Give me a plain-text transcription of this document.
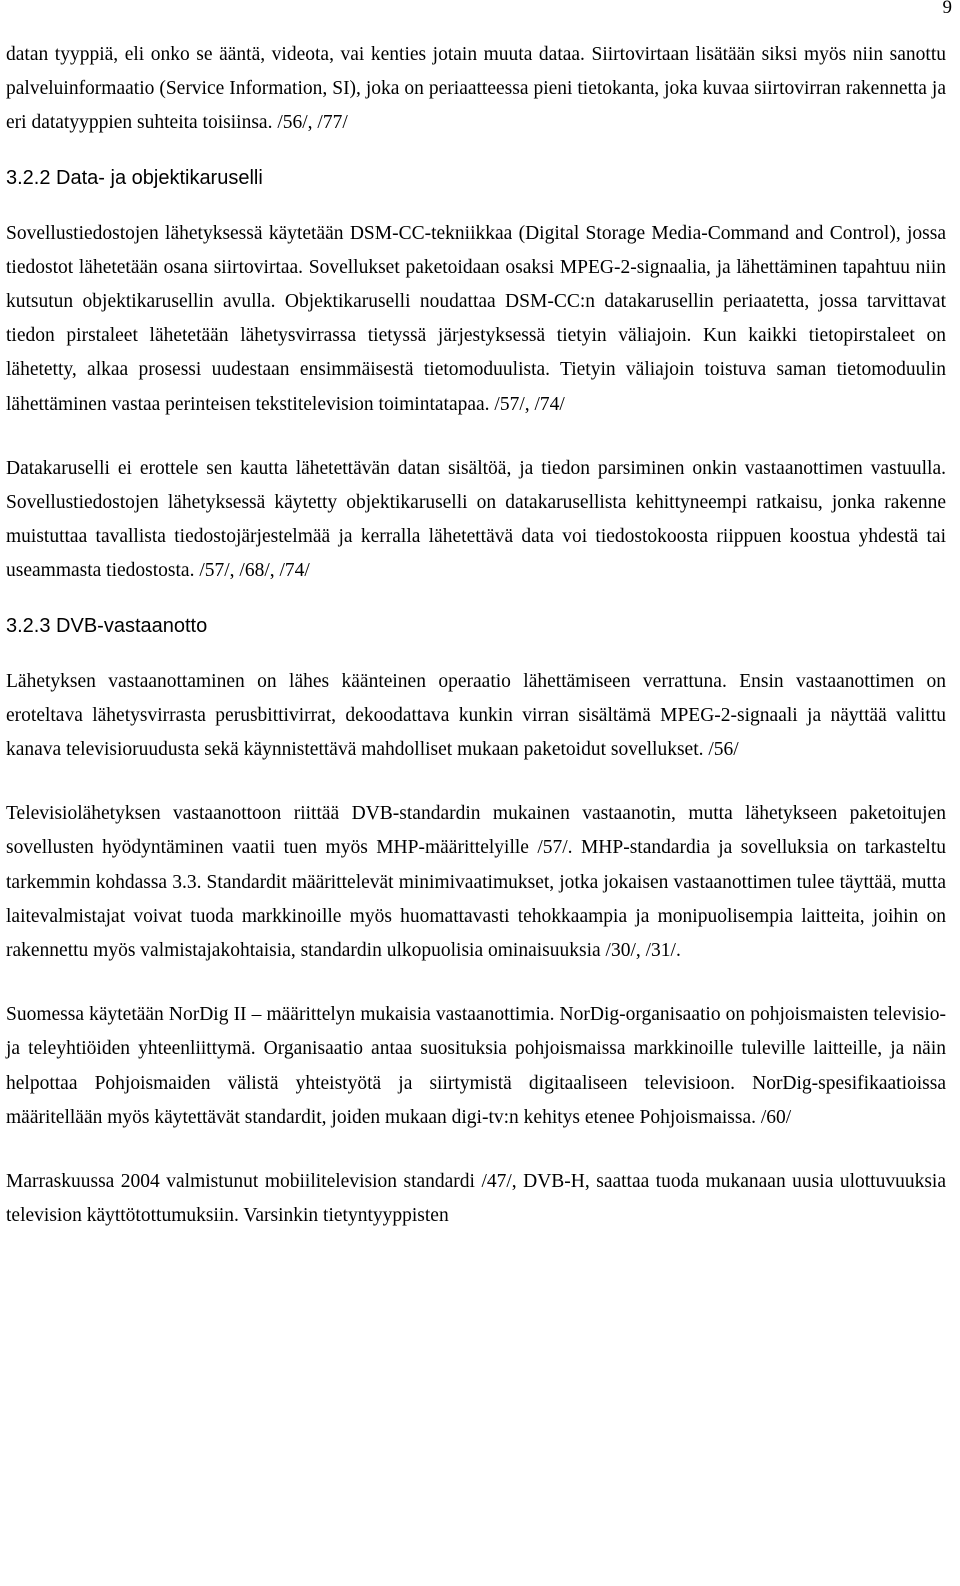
9

datan tyyppiä, eli onko se ääntä, videota, vai kenties jotain muuta dataa. Siirtovirtaan lisätään siksi myös niin sanottu palveluinformaatio (Service Information, SI), joka on periaatteessa pieni tietokanta, joka kuvaa siirtovirran rakennetta ja eri datatyyppien suhteita toisiinsa. /56/, /77/

3.2.2 Data- ja objektikaruselli

Sovellustiedostojen lähetyksessä käytetään DSM-CC-tekniikkaa (Digital Storage Media-Command and Control), jossa tiedostot lähetetään osana siirtovirtaa. Sovellukset paketoidaan osaksi MPEG-2-signaalia, ja lähettäminen tapahtuu niin kutsutun objektikarusellin avulla. Objektikaruselli noudattaa DSM-CC:n datakarusellin periaatetta, jossa tarvittavat tiedon pirstaleet lähetetään lähetysvirrassa tietyssä järjestyksessä tietyin väliajoin. Kun kaikki tietopirstaleet on lähetetty, alkaa prosessi uudestaan ensimmäisestä tietomoduulista. Tietyin väliajoin toistuva saman tietomoduulin lähettäminen vastaa perinteisen tekstitelevision toimintatapaa. /57/, /74/

Datakaruselli ei erottele sen kautta lähetettävän datan sisältöä, ja tiedon parsiminen onkin vastaanottimen vastuulla. Sovellustiedostojen lähetyksessä käytetty objektikaruselli on datakarusellista kehittyneempi ratkaisu, jonka rakenne muistuttaa tavallista tiedostojärjestelmää ja kerralla lähetettävä data voi tiedostokoosta riippuen koostua yhdestä tai useammasta tiedostosta. /57/, /68/, /74/

3.2.3 DVB-vastaanotto

Lähetyksen vastaanottaminen on lähes käänteinen operaatio lähettämiseen verrattuna. Ensin vastaanottimen on eroteltava lähetysvirrasta perusbittivirrat, dekoodattava kunkin virran sisältämä MPEG-2-signaali ja näyttää valittu kanava televisioruudusta sekä käynnistettävä mahdolliset mukaan paketoidut sovellukset. /56/

Televisiolähetyksen vastaanottoon riittää DVB-standardin mukainen vastaanotin, mutta lähetykseen paketoitujen sovellusten hyödyntäminen vaatii tuen myös MHP-määrittelyille /57/. MHP-standardia ja sovelluksia on tarkasteltu tarkemmin kohdassa 3.3. Standardit määrittelevät minimivaatimukset, jotka jokaisen vastaanottimen tulee täyttää, mutta laitevalmistajat voivat tuoda markkinoille myös huomattavasti tehokkaampia ja monipuolisempia laitteita, joihin on rakennettu myös valmistajakohtaisia, standardin ulkopuolisia ominaisuuksia /30/, /31/.

Suomessa käytetään NorDig II – määrittelyn mukaisia vastaanottimia. NorDig-organisaatio on pohjoismaisten televisio- ja teleyhtiöiden yhteenliittymä. Organisaatio antaa suosituksia pohjoismaissa markkinoille tuleville laitteille, ja näin helpottaa Pohjoismaiden välistä yhteistyötä ja siirtymistä digitaaliseen televisioon. NorDig-spesifikaatioissa määritellään myös käytettävät standardit, joiden mukaan digi-tv:n kehitys etenee Pohjoismaissa. /60/

Marraskuussa 2004 valmistunut mobiilitelevision standardi /47/, DVB-H, saattaa tuoda mukanaan uusia ulottuvuuksia television käyttötottumuksiin. Varsinkin tietyntyyppisten
